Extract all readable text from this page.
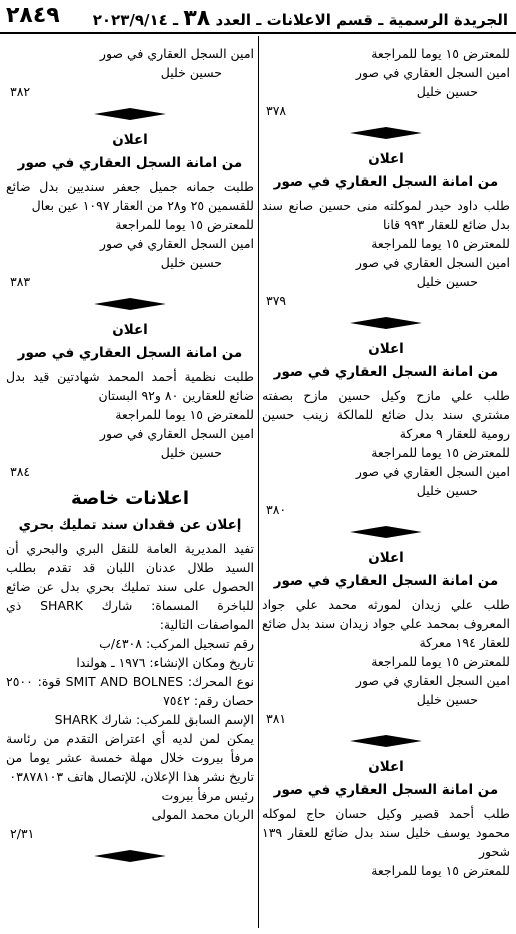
الجريدة الرسمية ـ قسم الاعلانات ـ العدد ٣٨ ـ ٢٠٢٣/٩/١٤
٢٨٤٩
للمعترض ١٥ يوما للمراجعة
امين السجل العقاري في صور
حسين خليل
٣٧٨
اعلان
من امانة السجل العقاري في صور
طلب داود حيدر لموكلته منى حسين صانع سند بدل ضائع للعقار ٩٩٣ قانا
للمعترض ١٥ يوما للمراجعة
امين السجل العقاري في صور
حسين خليل
٣٧٩
اعلان
من امانة السجل العقاري في صور
طلب علي مازح وكيل حسين مازح بصفته مشتري سند بدل ضائع للمالكة زينب حسين رومية للعقار ٩ معركة
للمعترض ١٥ يوما للمراجعة
امين السجل العقاري في صور
حسين خليل
٣٨٠
اعلان
من امانة السجل العقاري في صور
طلب علي زيدان لمورثه محمد علي جواد المعروف بمحمد علي جواد زيدان سند بدل ضائع للعقار ١٩٤ معركة
للمعترض ١٥ يوما للمراجعة
امين السجل العقاري في صور
حسين خليل
٣٨١
اعلان
من امانة السجل العقاري في صور
طلب أحمد قصير وكيل حسان حاج لموكله محمود يوسف خليل سند بدل ضائع للعقار ١٣٩ شحور
للمعترض ١٥ يوما للمراجعة
امين السجل العقاري في صور
حسين خليل
٣٨٢
اعلان
من امانة السجل العقاري في صور
طلبت جمانه جميل جعفر سنديين بدل ضائع للقسمين ٢٥ و٢٨ من العقار ١٠٩٧ عين بعال
للمعترض ١٥ يوما للمراجعة
امين السجل العقاري في صور
حسين خليل
٣٨٣
اعلان
من امانة السجل العقاري في صور
طلبت نظمية أحمد المحمد شهادتين قيد بدل ضائع للعقارين ٨٠ و٩٢ البستان
للمعترض ١٥ يوما للمراجعة
امين السجل العقاري في صور
حسين خليل
٣٨٤
اعلانات خاصة
إعلان عن فقدان سند تمليك بحري
تفيد المديرية العامة للنقل البري والبحري أن السيد طلال عدنان اللبان قد تقدم بطلب الحصول على سند تمليك بحري بدل عن ضائع للباخرة المسماة: شارك SHARK ذي المواصفات التالية:
رقم تسجيل المركب: ٤٣٠٨/ب
تاريخ ومكان الإنشاء: ١٩٧٦ ـ هولندا
نوع المحرك: SMIT AND BOLNES قوة: ٢٥٠٠ حصان رقم: ٧٥٤٢
الإسم السابق للمركب: شارك SHARK
يمكن لمن لديه أي اعتراض التقدم من رئاسة مرفأ بيروت خلال مهلة خمسة عشر يوما من تاريخ نشر هذا الإعلان، للإتصال هاتف ٠٣٨٧٨١٠٣
رئيس مرفأ بيروت
الربان محمد المولى
٢/٣١
